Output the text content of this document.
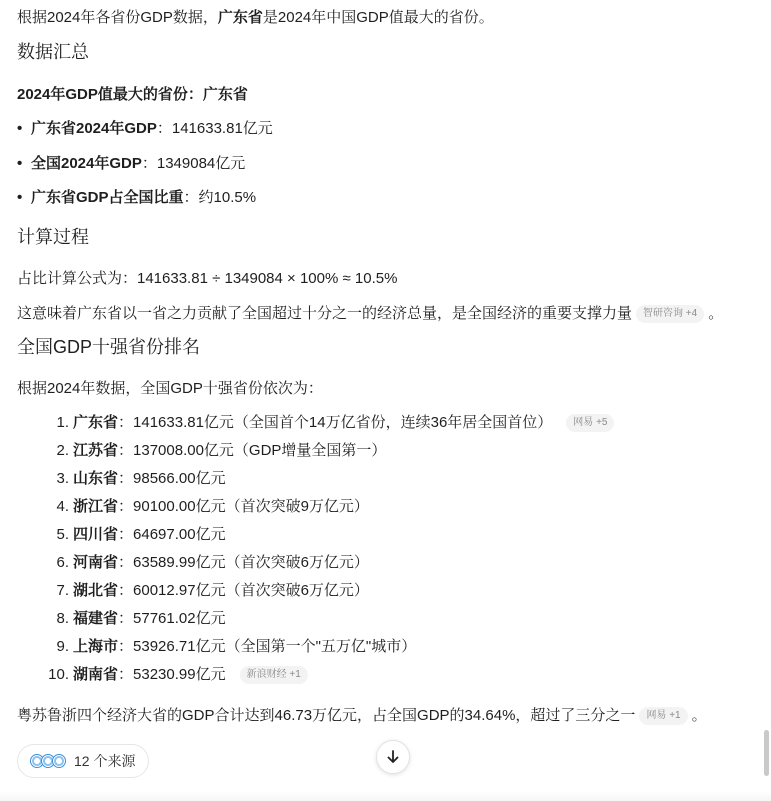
根据2024年各省份GDP数据，广东省是2024年中国GDP值最大的省份。
数据汇总
2024年GDP值最大的省份：广东省
• 广东省2024年GDP：141633.81亿元
• 全国2024年GDP：1349084亿元
• 广东省GDP占全国比重：约10.5%
计算过程
占比计算公式为：141633.81 ÷ 1349084 × 100% ≈ 10.5%
这意味着广东省以一省之力贡献了全国超过十分之一的经济总量，是全国经济的重要支撑力量 智研咨询 +4 。
全国GDP十强省份排名
根据2024年数据，全国GDP十强省份依次为：
1. 广东省：141633.81亿元（全国首个14万亿省份，连续36年居全国首位） 网易 +5
2. 江苏省：137008.00亿元（GDP增量全国第一）
3. 山东省：98566.00亿元
4. 浙江省：90100.00亿元（首次突破9万亿元）
5. 四川省：64697.00亿元
6. 河南省：63589.99亿元（首次突破6万亿元）
7. 湖北省：60012.97亿元（首次突破6万亿元）
8. 福建省：57761.02亿元
9. 上海市：53926.71亿元（全国第一个"五万亿"城市）
10. 湖南省：53230.99亿元 新浪财经 +1
粤苏鲁浙四个经济大省的GDP合计达到46.73万亿元，占全国GDP的34.64%，超过了三分之一 网易 +1 。
12 个来源
